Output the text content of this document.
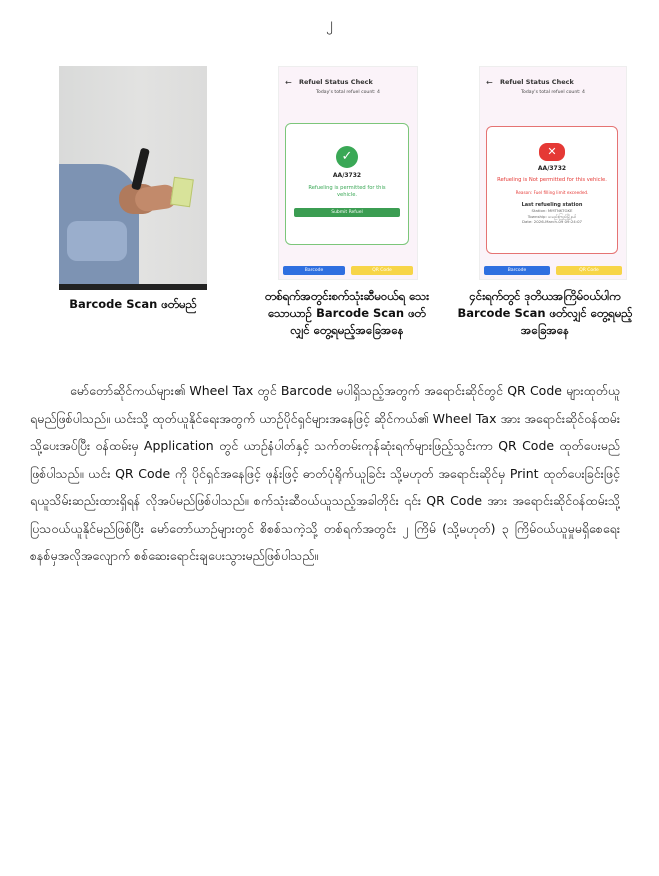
၂
←	Refuel Status Check
Today's total refuel count: 4
✓
AA/3732
Refueling is permitted for this vehicle.
Submit Refuel
Barcode	QR Code
←	Refuel Status Check
Today's total refuel count: 4
✕
AA/3732
Refueling is Not permitted for this vehicle.
Reason: Fuel filling limit exceeded.
Last refueling station
Station: MMTNKTGKE
Township: ယမည်းကြည်မြို့နယ်
Date: 2026-March-09 09:24:07
Barcode	QR Code
Barcode Scan ဖတ်မည်
တစ်ရက်အတွင်းစက်သုံးဆီမဝယ်ရ သေးသောယာဉ် Barcode Scan ဖတ်လျှင် တွေ့ရမည့်အခြေအနေ
၄င်းရက်တွင် ဒုတိယအကြိမ်ဝယ်ပါက Barcode Scan ဖတ်လျှင် တွေ့ရမည့် အခြေအနေ
မော်တော်ဆိုင်ကယ်များ၏ Wheel Tax တွင် Barcode မပါရှိသည့်အတွက် အရောင်းဆိုင်တွင် QR Code များထုတ်ယူရမည်ဖြစ်ပါသည်။ ယင်းသို့ ထုတ်ယူနိုင်ရေးအတွက် ယာဉ်ပိုင်ရှင်များအနေဖြင့် ဆိုင်ကယ်၏ Wheel Tax အား အရောင်းဆိုင်ဝန်ထမ်းသို့ပေးအပ်ပြီး ဝန်ထမ်းမှ Application တွင် ယာဉ်နံပါတ်နှင့် သက်တမ်းကုန်ဆုံးရက်များဖြည့်သွင်းကာ QR Code ထုတ်ပေးမည်ဖြစ်ပါသည်။ ယင်း QR Code ကို ပိုင်ရှင်အနေဖြင့် ဖုန်းဖြင့် ဓာတ်ပုံရိုက်ယူခြင်း သို့မဟုတ် အရောင်းဆိုင်မှ Print ထုတ်ပေးခြင်းဖြင့် ရယူသိမ်းဆည်းထားရှိရန် လိုအပ်မည်ဖြစ်ပါသည်။ စက်သုံးဆီဝယ်ယူသည့်အခါတိုင်း ၎င်း QR Code အား အရောင်းဆိုင်ဝန်ထမ်းသို့ပြသဝယ်ယူနိုင်မည်ဖြစ်ပြီး မော်တော်ယာဉ်များတွင် စိစစ်သကဲ့သို့ တစ်ရက်အတွင်း ၂ ကြိမ် (သို့မဟုတ်) ၃ ကြိမ်ဝယ်ယူမှုမရှိစေရေး စနစ်မှအလိုအလျောက် စစ်ဆေးရောင်းချပေးသွားမည်ဖြစ်ပါသည်။
